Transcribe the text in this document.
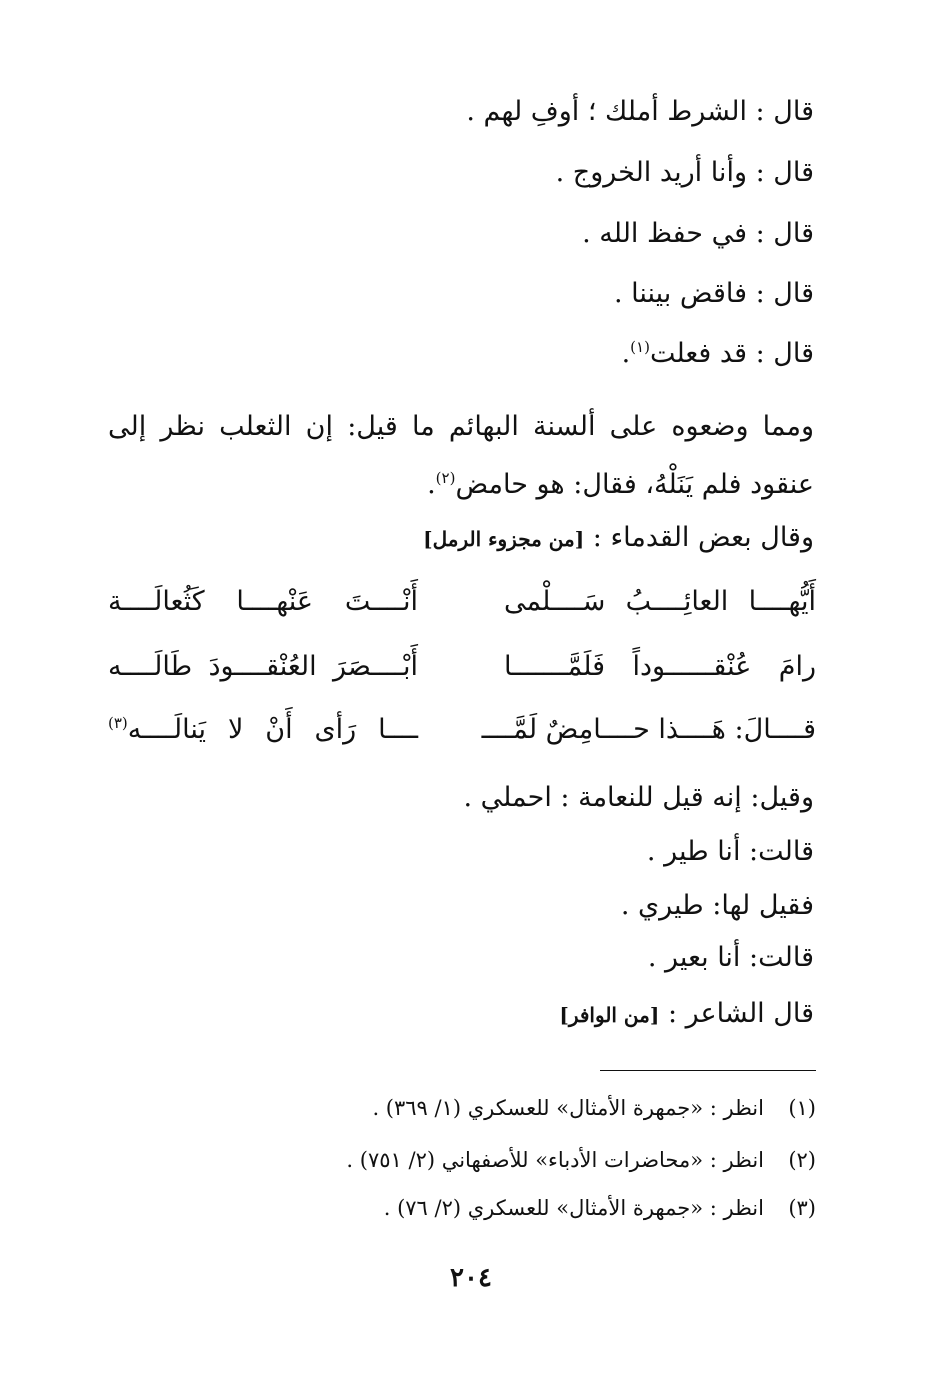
قال : الشرط أملك ؛ أوفِ لهم .
قال : وأنا أريد الخروج .
قال : في حفظ الله .
قال : فاقض بيننا .
قال : قد فعلت$^{(١)}$.
ومما وضعوه على ألسنة البهائم ما قيل: إن الثعلب نظر إلى
عنقود فلم يَنَلْهُ، فقال: هو حامض$^{(٢)}$.
وقال بعض القدماء : [من مجزوء الرمل]
أَيُّهــــا العائِــــبُ سَــــلْمى
أَنْــــتَ عَنْهــــا كَثُعالَــــة
رامَ عُنْقــــــوداً فَلَمَّـــــــا
أَبْــــصَرَ العُنْقــــودَ طَالَــــه
قــــالَ: هَــــذا حــــامِضٌ لَمَّــــ
ــــا رَأى أَنْ لا يَنالَــــه$^{(٣)}$
وقيل: إنه قيل للنعامة : احملي .
قالت: أنا طير .
فقيل لها: طيري .
قالت: أنا بعير .
قال الشاعر : [من الوافر]
(١)انظر : «جمهرة الأمثال» للعسكري (١/ ٣٦٩) .
(٢)انظر : «محاضرات الأدباء» للأصفهاني (٢/ ٧٥١) .
(٣)انظر : «جمهرة الأمثال» للعسكري (٢/ ٧٦) .
٢٠٤
